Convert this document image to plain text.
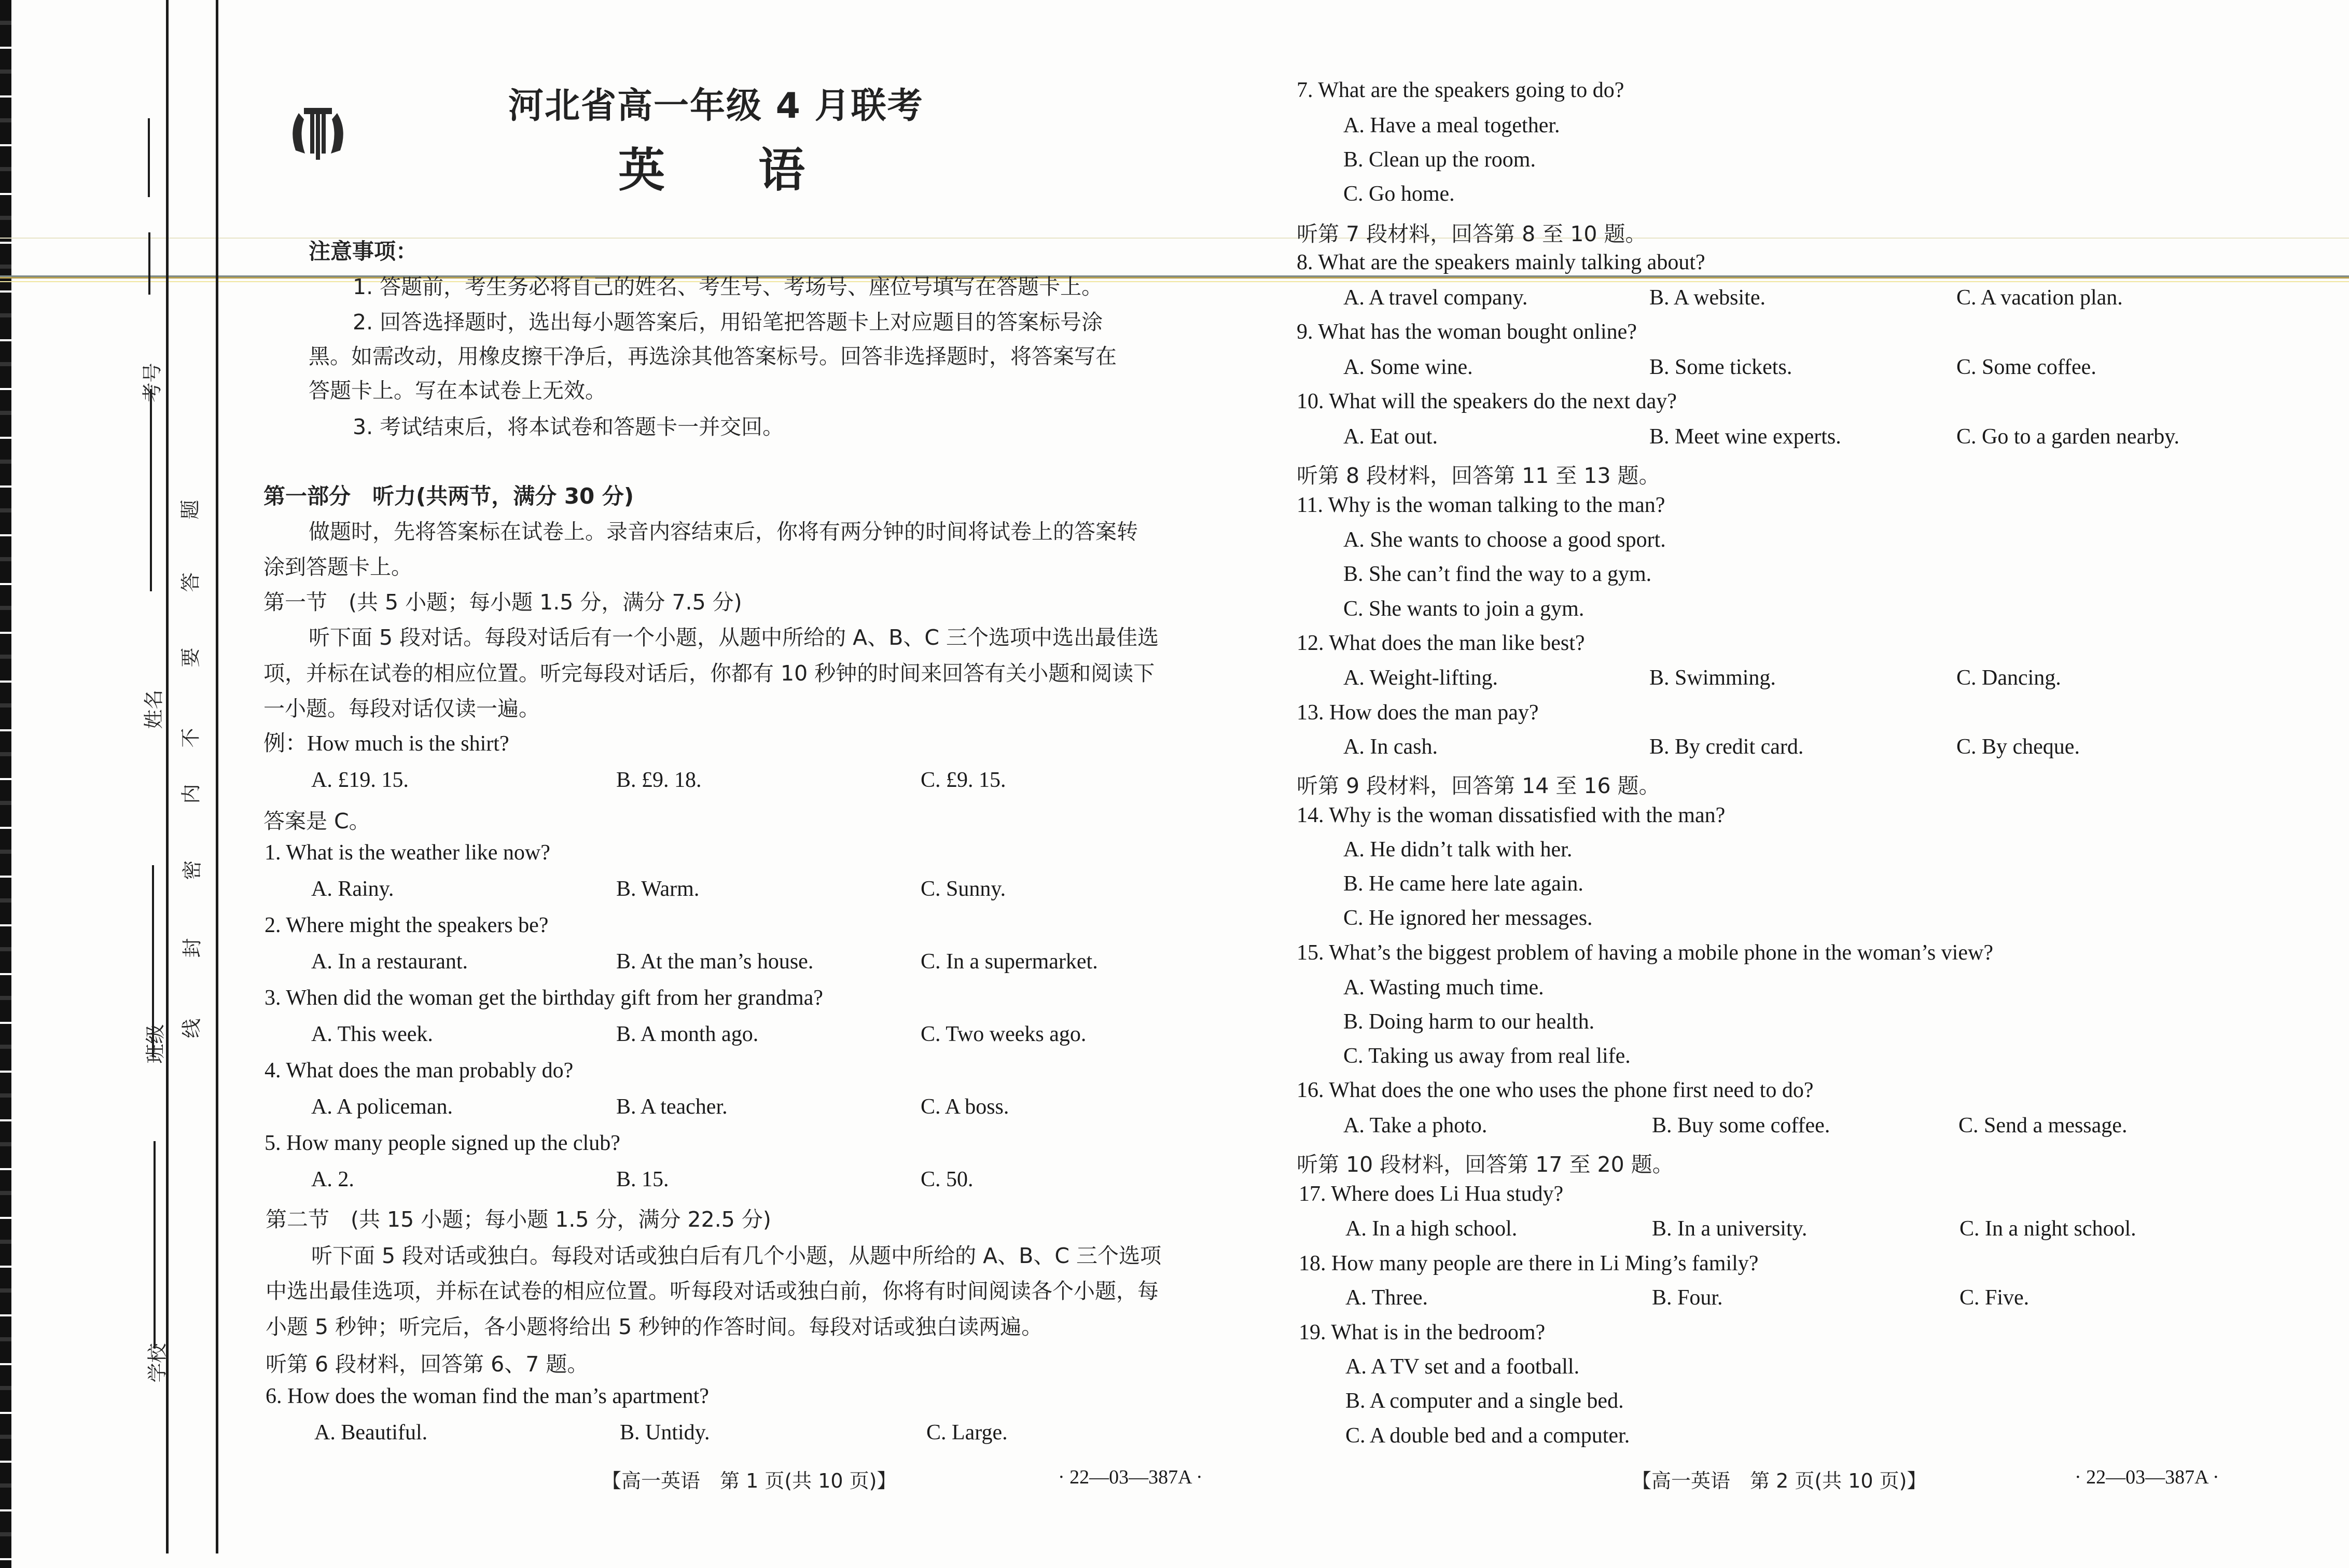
考号
姓名
班级
学校
密
封
线
内
不
要
答
题
河北省高一年级 4 月联考
英　　语
注意事项：
1. 答题前，考生务必将自己的姓名、考生号、考场号、座位号填写在答题卡上。
2. 回答选择题时，选出每小题答案后，用铅笔把答题卡上对应题目的答案标号涂
黑。如需改动，用橡皮擦干净后，再选涂其他答案标号。回答非选择题时，将答案写在
答题卡上。写在本试卷上无效。
3. 考试结束后，将本试卷和答题卡一并交回。
第一部分　听力(共两节，满分 30 分)
做题时，先将答案标在试卷上。录音内容结束后，你将有两分钟的时间将试卷上的答案转
涂到答题卡上。
第一节　(共 5 小题；每小题 1.5 分，满分 7.5 分)
听下面 5 段对话。每段对话后有一个小题，从题中所给的 A、B、C 三个选项中选出最佳选
项，并标在试卷的相应位置。听完每段对话后，你都有 10 秒钟的时间来回答有关小题和阅读下
一小题。每段对话仅读一遍。
例：How much is the shirt?
A. £19. 15.	B. £9. 18.	C. £9. 15.
答案是 C。
1. What is the weather like now?
A. Rainy.	B. Warm.	C. Sunny.
2. Where might the speakers be?
A. In a restaurant.	B. At the man’s house.	C. In a supermarket.
3. When did the woman get the birthday gift from her grandma?
A. This week.	B. A month ago.	C. Two weeks ago.
4. What does the man probably do?
A. A policeman.	B. A teacher.	C. A boss.
5. How many people signed up the club?
A. 2.	B. 15.	C. 50.
第二节　(共 15 小题；每小题 1.5 分，满分 22.5 分)
听下面 5 段对话或独白。每段对话或独白后有几个小题，从题中所给的 A、B、C 三个选项
中选出最佳选项，并标在试卷的相应位置。听每段对话或独白前，你将有时间阅读各个小题，每
小题 5 秒钟；听完后，各小题将给出 5 秒钟的作答时间。每段对话或独白读两遍。
听第 6 段材料，回答第 6、7 题。
6. How does the woman find the man’s apartment?
A. Beautiful.	B. Untidy.	C. Large.
【高一英语　第 1 页(共 10 页)】	· 22—03—387A ·
7. What are the speakers going to do?
A. Have a meal together.
B. Clean up the room.
C. Go home.
听第 7 段材料，回答第 8 至 10 题。
8. What are the speakers mainly talking about?
A. A travel company.	B. A website.	C. A vacation plan.
9. What has the woman bought online?
A. Some wine.	B. Some tickets.	C. Some coffee.
10. What will the speakers do the next day?
A. Eat out.	B. Meet wine experts.	C. Go to a garden nearby.
听第 8 段材料，回答第 11 至 13 题。
11. Why is the woman talking to the man?
A. She wants to choose a good sport.
B. She can’t find the way to a gym.
C. She wants to join a gym.
12. What does the man like best?
A. Weight-lifting.	B. Swimming.	C. Dancing.
13. How does the man pay?
A. In cash.	B. By credit card.	C. By cheque.
听第 9 段材料，回答第 14 至 16 题。
14. Why is the woman dissatisfied with the man?
A. He didn’t talk with her.
B. He came here late again.
C. He ignored her messages.
15. What’s the biggest problem of having a mobile phone in the woman’s view?
A. Wasting much time.
B. Doing harm to our health.
C. Taking us away from real life.
16. What does the one who uses the phone first need to do?
A. Take a photo.	B. Buy some coffee.	C. Send a message.
听第 10 段材料，回答第 17 至 20 题。
17. Where does Li Hua study?
A. In a high school.	B. In a university.	C. In a night school.
18. How many people are there in Li Ming’s family?
A. Three.	B. Four.	C. Five.
19. What is in the bedroom?
A. A TV set and a football.
B. A computer and a single bed.
C. A double bed and a computer.
【高一英语　第 2 页(共 10 页)】	· 22—03—387A ·
